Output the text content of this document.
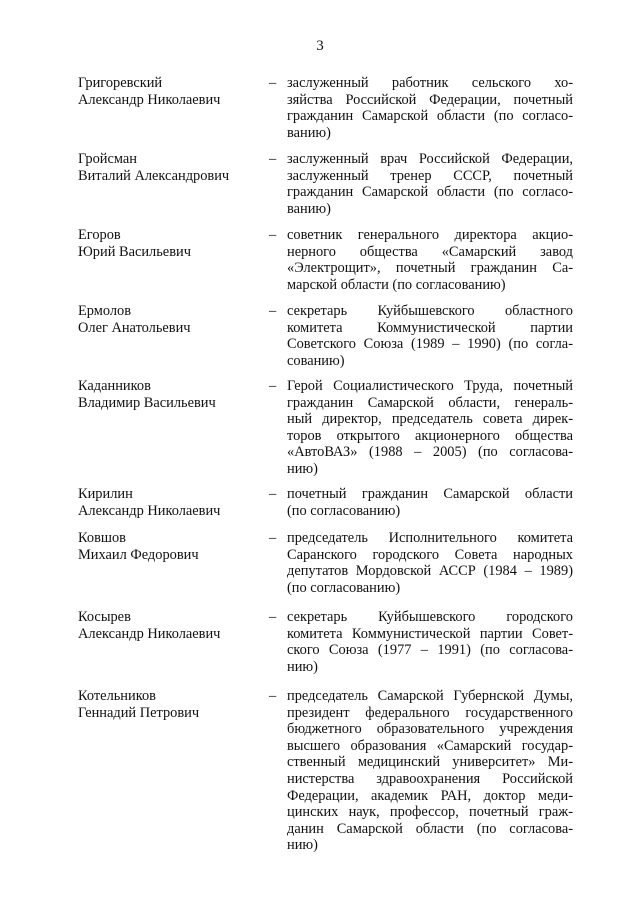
3
Григоревский
Александр Николаевич
– заслуженный работник сельского хо-
зяйства Российской Федерации, почетный
гражданин Самарской области (по согласо-
ванию)
Гройсман
Виталий Александрович
– заслуженный врач Российской Федерации,
заслуженный тренер СССР, почетный
гражданин Самарской области (по согласо-
ванию)
Егоров
Юрий Васильевич
– советник генерального директора акцио-
нерного общества «Самарский завод
«Электрощит», почетный гражданин Са-
марской области (по согласованию)
Ермолов
Олег Анатольевич
– секретарь Куйбышевского областного
комитета Коммунистической партии
Советского Союза (1989 – 1990) (по согла-
сованию)
Каданников
Владимир Васильевич
– Герой Социалистического Труда, почетный
гражданин Самарской области, генераль-
ный директор, председатель совета дирек-
торов открытого акционерного общества
«АвтоВАЗ» (1988 – 2005) (по согласова-
нию)
Кирилин
Александр Николаевич
– почетный гражданин Самарской области
(по согласованию)
Ковшов
Михаил Федорович
– председатель Исполнительного комитета
Саранского городского Совета народных
депутатов Мордовской АССР (1984 – 1989)
(по согласованию)
Косырев
Александр Николаевич
– секретарь Куйбышевского городского
комитета Коммунистической партии Совет-
ского Союза (1977 – 1991) (по согласова-
нию)
Котельников
Геннадий Петрович
– председатель Самарской Губернской Думы,
президент федерального государственного
бюджетного образовательного учреждения
высшего образования «Самарский государ-
ственный медицинский университет» Ми-
нистерства здравоохранения Российской
Федерации, академик РАН, доктор меди-
цинских наук, профессор, почетный граж-
данин Самарской области (по согласова-
нию)
